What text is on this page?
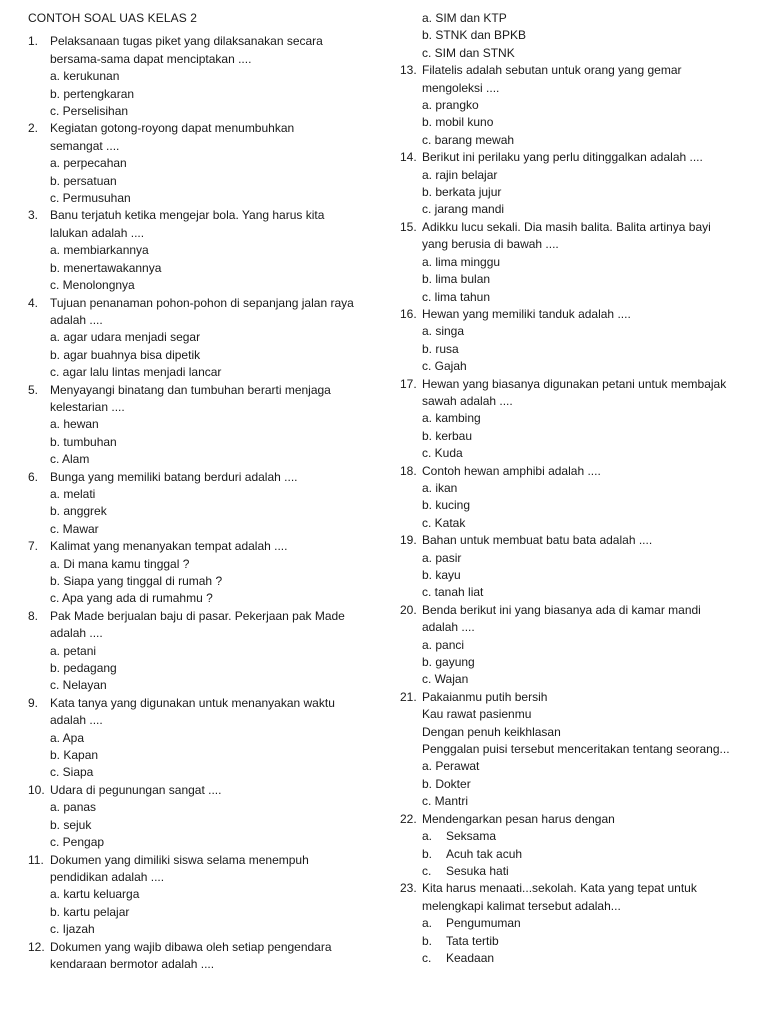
CONTOH SOAL UAS KELAS 2
1. Pelaksanaan tugas piket yang dilaksanakan secara
bersama-sama dapat menciptakan ....
a. kerukunan
b. pertengkaran
c. Perselisihan
2. Kegiatan gotong-royong dapat menumbuhkan
semangat ....
a. perpecahan
b. persatuan
c. Permusuhan
3. Banu terjatuh ketika mengejar bola. Yang harus kita
lalukan adalah ....
a. membiarkannya
b. menertawakannya
c. Menolongnya
4. Tujuan penanaman pohon-pohon di sepanjang jalan raya
adalah ....
a. agar udara menjadi segar
b. agar buahnya bisa dipetik
c. agar lalu lintas menjadi lancar
5. Menyayangi binatang dan tumbuhan berarti menjaga
kelestarian ....
a. hewan
b. tumbuhan
c. Alam
6. Bunga yang memiliki batang berduri adalah ....
a. melati
b. anggrek
c. Mawar
7. Kalimat yang menanyakan tempat adalah ....
a. Di mana kamu tinggal ?
b. Siapa yang tinggal di rumah ?
c. Apa yang ada di rumahmu ?
8. Pak Made berjualan baju di pasar. Pekerjaan pak Made
adalah ....
a. petani
b. pedagang
c. Nelayan
9. Kata tanya yang digunakan untuk menanyakan waktu
adalah ....
a. Apa
b. Kapan
c. Siapa
10. Udara di pegunungan sangat ....
a. panas
b. sejuk
c. Pengap
11. Dokumen yang dimiliki siswa selama menempuh
pendidikan adalah ....
a. kartu keluarga
b. kartu pelajar
c. Ijazah
12. Dokumen yang wajib dibawa oleh setiap pengendara
kendaraan bermotor adalah ....
a. SIM dan KTP
b. STNK dan BPKB
c. SIM dan STNK
13. Filatelis adalah sebutan untuk orang yang gemar
mengoleksi ....
a. prangko
b. mobil kuno
c. barang mewah
14. Berikut ini perilaku yang perlu ditinggalkan adalah ....
a. rajin belajar
b. berkata jujur
c. jarang mandi
15. Adikku lucu sekali. Dia masih balita. Balita artinya bayi
yang berusia di bawah ....
a. lima minggu
b. lima bulan
c. lima tahun
16. Hewan yang memiliki tanduk adalah ....
a. singa
b. rusa
c. Gajah
17. Hewan yang biasanya digunakan petani untuk membajak
sawah adalah ....
a. kambing
b. kerbau
c. Kuda
18. Contoh hewan amphibi adalah ....
a. ikan
b. kucing
c. Katak
19. Bahan untuk membuat batu bata adalah ....
a. pasir
b. kayu
c. tanah liat
20. Benda berikut ini yang biasanya ada di kamar mandi
adalah ....
a. panci
b. gayung
c. Wajan
21. Pakaianmu putih bersih
Kau rawat pasienmu
Dengan penuh keikhlasan
Penggalan puisi tersebut menceritakan tentang seorang...
a. Perawat
b. Dokter
c. Mantri
22. Mendengarkan pesan harus dengan
a.	Seksama
b.	Acuh tak acuh
c.	Sesuka hati
23. Kita harus menaati...sekolah. Kata yang tepat untuk
melengkapi kalimat tersebut adalah...
a.	Pengumuman
b.	Tata tertib
c.	Keadaan
